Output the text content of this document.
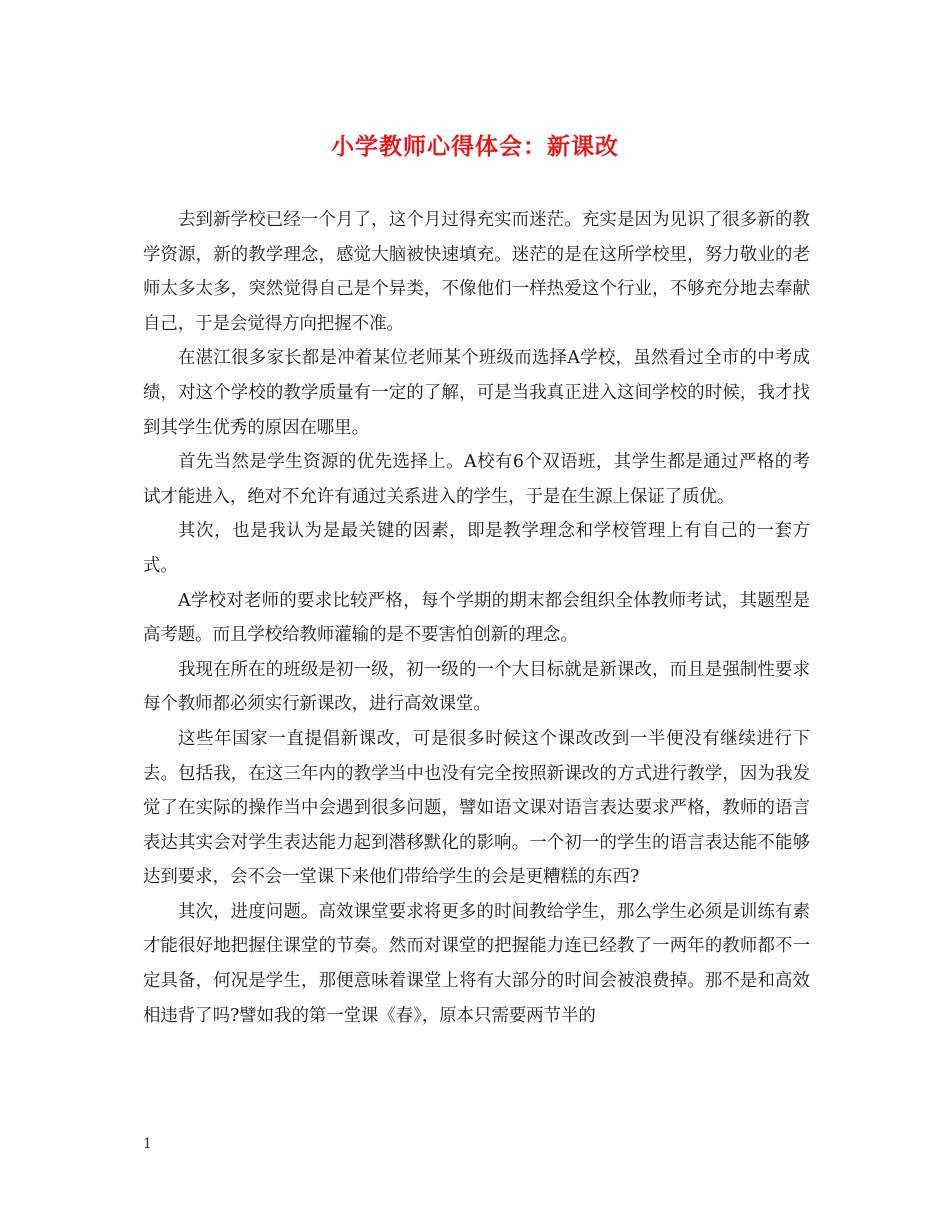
小学教师心得体会：新课改

去到新学校已经一个月了，这个月过得充实而迷茫。充实是因为见识了很多新的教学资源，新的教学理念，感觉大脑被快速填充。迷茫的是在这所学校里，努力敬业的老师太多太多，突然觉得自己是个异类，不像他们一样热爱这个行业，不够充分地去奉献自己，于是会觉得方向把握不准。

在湛江很多家长都是冲着某位老师某个班级而选择A学校，虽然看过全市的中考成绩，对这个学校的教学质量有一定的了解，可是当我真正进入这间学校的时候，我才找到其学生优秀的原因在哪里。

首先当然是学生资源的优先选择上。A校有6个双语班，其学生都是通过严格的考试才能进入，绝对不允许有通过关系进入的学生，于是在生源上保证了质优。

其次，也是我认为是最关键的因素，即是教学理念和学校管理上有自己的一套方式。

A学校对老师的要求比较严格，每个学期的期末都会组织全体教师考试，其题型是高考题。而且学校给教师灌输的是不要害怕创新的理念。

我现在所在的班级是初一级，初一级的一个大目标就是新课改，而且是强制性要求每个教师都必须实行新课改，进行高效课堂。

这些年国家一直提倡新课改，可是很多时候这个课改改到一半便没有继续进行下去。包括我，在这三年内的教学当中也没有完全按照新课改的方式进行教学，因为我发觉了在实际的操作当中会遇到很多问题，譬如语文课对语言表达要求严格，教师的语言表达其实会对学生表达能力起到潜移默化的影响。一个初一的学生的语言表达能不能够达到要求，会不会一堂课下来他们带给学生的会是更糟糕的东西?

其次，进度问题。高效课堂要求将更多的时间教给学生，那么学生必须是训练有素才能很好地把握住课堂的节奏。然而对课堂的把握能力连已经教了一两年的教师都不一定具备，何况是学生，那便意味着课堂上将有大部分的时间会被浪费掉。那不是和高效相违背了吗?譬如我的第一堂课《春》，原本只需要两节半的

1
